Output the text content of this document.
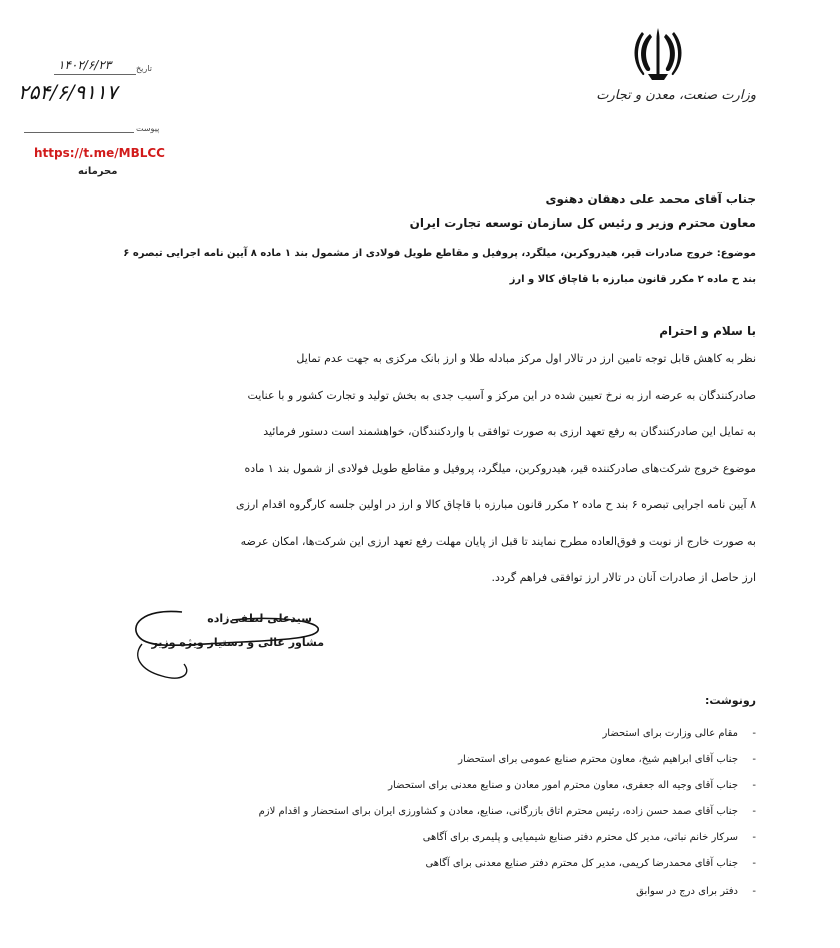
وزارت صنعت، معدن و تجارت
تاریخ
۱۴۰۲/۶/۲۳
۲۵۴/۶/۹۱۱۷
پیوست
https://t.me/MBLCC
محرمانه
جناب آقای محمد علی دهقان دهنوی
معاون محترم وزیر و رئیس کل سازمان توسعه تجارت ایران
موضوع: خروج صادرات قیر، هیدروکربن، میلگرد، پروفیل و مقاطع طویل فولادی از مشمول بند ۱ ماده ۸ آیین نامه اجرایی تبصره ۶
بند ح ماده ۲ مکرر قانون مبارزه با قاچاق کالا و ارز
با سلام و احترام
نظر به کاهش قابل توجه تامین ارز در تالار اول مرکز مبادله طلا و ارز بانک مرکزی به جهت عدم تمایل
صادرکنندگان به عرضه ارز به نرخ تعیین شده در این مرکز و آسیب جدی به بخش تولید و تجارت کشور و با عنایت
به تمایل این صادرکنندگان به رفع تعهد ارزی به صورت توافقی با واردکنندگان، خواهشمند است دستور فرمائید
موضوع خروج شرکت‌های صادرکننده قیر، هیدروکربن، میلگرد، پروفیل و مقاطع طویل فولادی از شمول بند ۱ ماده
۸ آیین نامه اجرایی تبصره ۶ بند ح ماده ۲ مکرر قانون مبارزه با قاچاق کالا و ارز در اولین جلسه کارگروه اقدام ارزی
به صورت خارج از نوبت و فوق‌العاده مطرح نمایند تا قبل از پایان مهلت رفع تعهد ارزی این شرکت‌ها، امکان عرضه
ارز حاصل از صادرات آنان در تالار ارز توافقی فراهم گردد.
سیدعلی لطفی‌زاده
مشاور عالی و دستیار ویژه وزیر
رونوشت:
-مقام عالی وزارت برای استحضار
-جناب آقای ابراهیم شیخ، معاون محترم صنایع عمومی برای استحضار
-جناب آقای وجیه اله جعفری، معاون محترم امور معادن و صنایع معدنی برای استحضار
-جناب آقای صمد حسن زاده، رئیس محترم اتاق بازرگانی، صنایع، معادن و کشاورزی ایران برای استحضار و اقدام لازم
-سرکار خانم نباتی، مدیر کل محترم دفتر صنایع شیمیایی و پلیمری برای آگاهی
-جناب آقای محمدرضا کریمی، مدیر کل محترم دفتر صنایع معدنی برای آگاهی
-دفتر برای درج در سوابق
